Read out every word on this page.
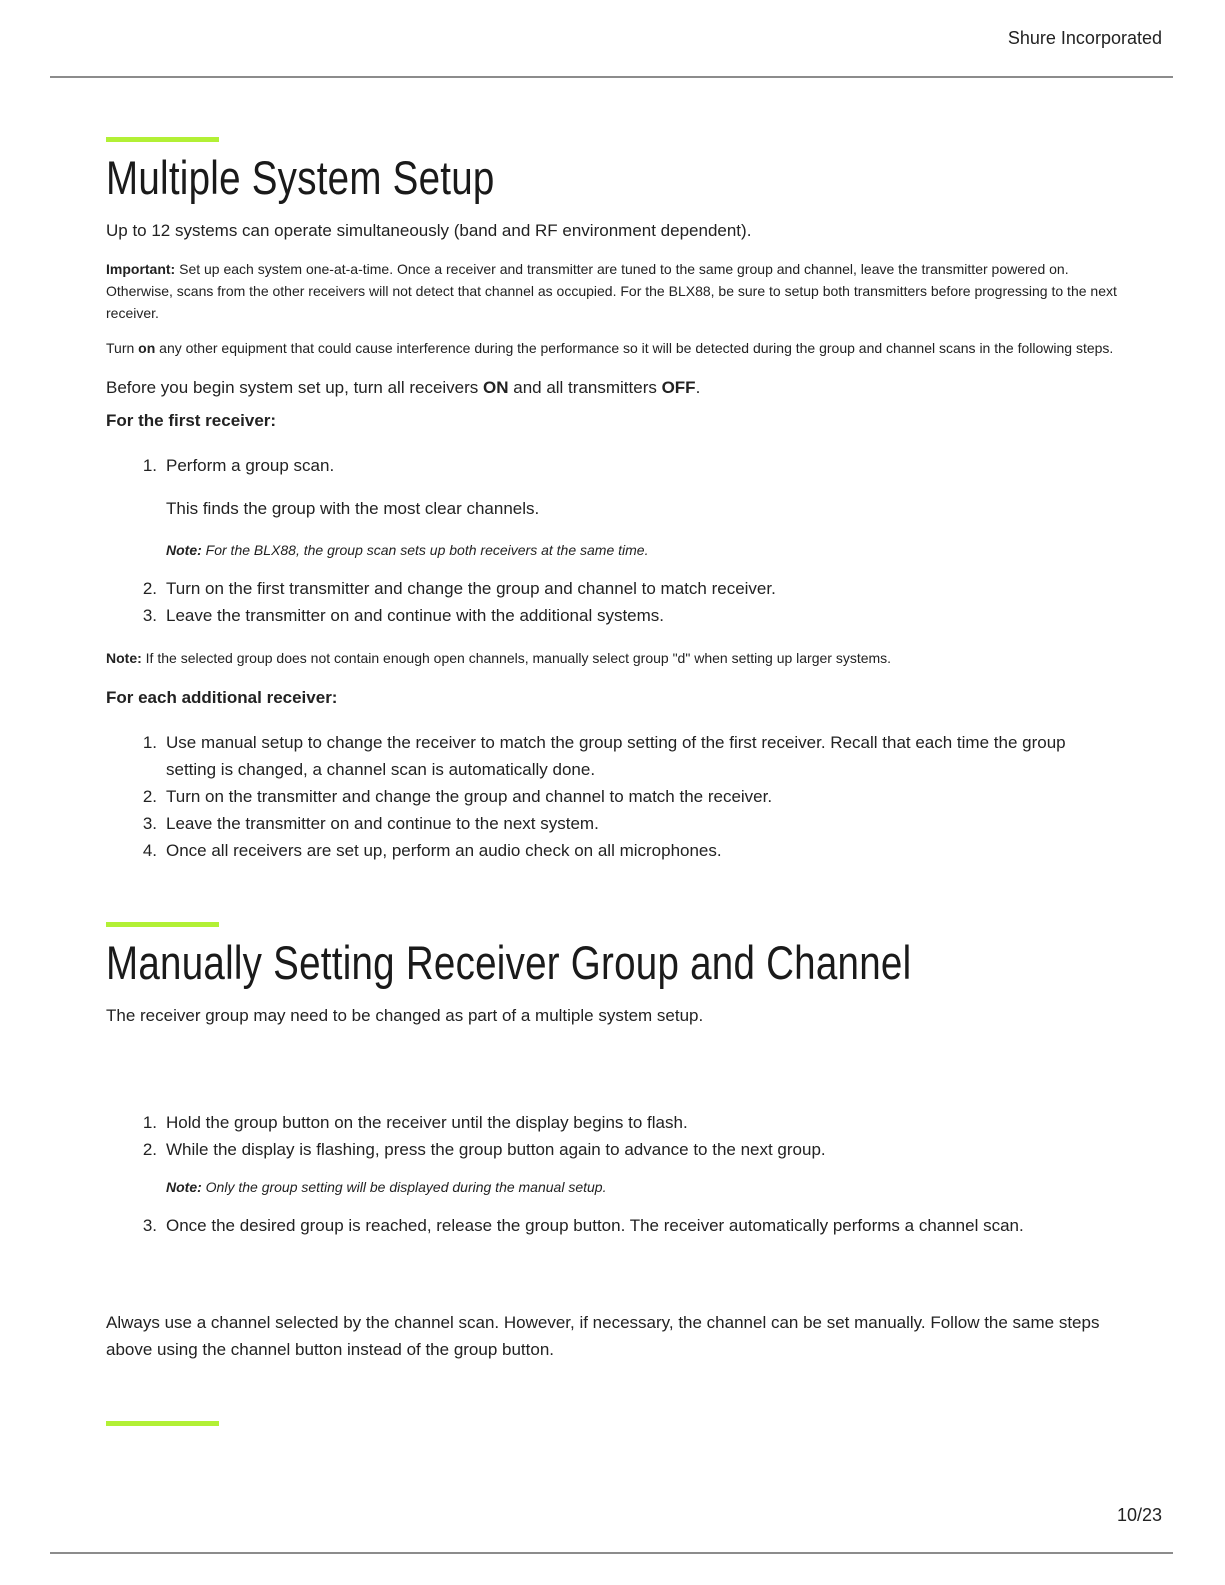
Shure Incorporated
Multiple System Setup

Up to 12 systems can operate simultaneously (band and RF environment dependent).

Important: Set up each system one-at-a-time. Once a receiver and transmitter are tuned to the same group and channel, leave the transmitter powered on. Otherwise, scans from the other receivers will not detect that channel as occupied. For the BLX88, be sure to setup both transmitters before progressing to the next receiver.

Turn on any other equipment that could cause interference during the performance so it will be detected during the group and channel scans in the following steps.

Before you begin system set up, turn all receivers ON and all transmitters OFF.

For the first receiver:

1. Perform a group scan.

This finds the group with the most clear channels.

Note: For the BLX88, the group scan sets up both receivers at the same time.

2. Turn on the first transmitter and change the group and channel to match receiver.
3. Leave the transmitter on and continue with the additional systems.

Note: If the selected group does not contain enough open channels, manually select group "d" when setting up larger systems.

For each additional receiver:

1. Use manual setup to change the receiver to match the group setting of the first receiver. Recall that each time the group setting is changed, a channel scan is automatically done.
2. Turn on the transmitter and change the group and channel to match the receiver.
3. Leave the transmitter on and continue to the next system.
4. Once all receivers are set up, perform an audio check on all microphones.
Manually Setting Receiver Group and Channel

The receiver group may need to be changed as part of a multiple system setup.

1. Hold the group button on the receiver until the display begins to flash.
2. While the display is flashing, press the group button again to advance to the next group.

Note: Only the group setting will be displayed during the manual setup.

3. Once the desired group is reached, release the group button. The receiver automatically performs a channel scan.

Always use a channel selected by the channel scan. However, if necessary, the channel can be set manually. Follow the same steps above using the channel button instead of the group button.

10/23
